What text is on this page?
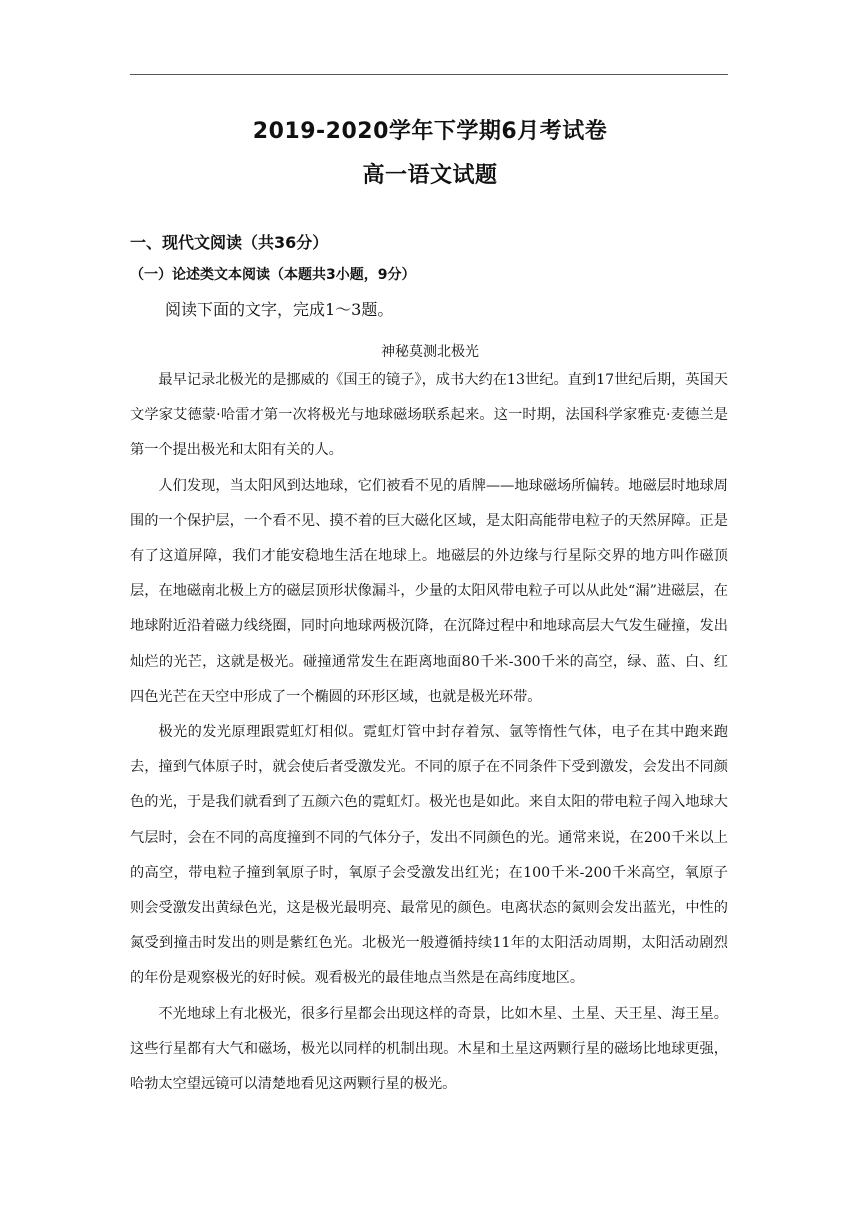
2019-2020学年下学期6月考试卷
高一语文试题
一、现代文阅读（共36分）
（一）论述类文本阅读（本题共3小题，9分）
阅读下面的文字，完成1～3题。
神秘莫测北极光

最早记录北极光的是挪威的《国王的镜子》，成书大约在13世纪。直到17世纪后期，英国天文学家艾德蒙·哈雷才第一次将极光与地球磁场联系起来。这一时期，法国科学家雅克·麦德兰是第一个提出极光和太阳有关的人。

人们发现，当太阳风到达地球，它们被看不见的盾牌——地球磁场所偏转。地磁层时地球周围的一个保护层，一个看不见、摸不着的巨大磁化区域，是太阳高能带电粒子的天然屏障。正是有了这道屏障，我们才能安稳地生活在地球上。地磁层的外边缘与行星际交界的地方叫作磁顶层，在地磁南北极上方的磁层顶形状像漏斗，少量的太阳风带电粒子可以从此处“漏”进磁层，在地球附近沿着磁力线绕圈，同时向地球两极沉降，在沉降过程中和地球高层大气发生碰撞，发出灿烂的光芒，这就是极光。碰撞通常发生在距离地面80千米-300千米的高空，绿、蓝、白、红四色光芒在天空中形成了一个椭圆的环形区域，也就是极光环带。

极光的发光原理跟霓虹灯相似。霓虹灯管中封存着氖、氩等惰性气体，电子在其中跑来跑去，撞到气体原子时，就会使后者受激发光。不同的原子在不同条件下受到激发，会发出不同颜色的光，于是我们就看到了五颜六色的霓虹灯。极光也是如此。来自太阳的带电粒子闯入地球大气层时，会在不同的高度撞到不同的气体分子，发出不同颜色的光。通常来说，在200千米以上的高空，带电粒子撞到氧原子时，氧原子会受激发出红光；在100千米-200千米高空，氧原子则会受激发出黄绿色光，这是极光最明亮、最常见的颜色。电离状态的氮则会发出蓝光，中性的氮受到撞击时发出的则是紫红色光。北极光一般遵循持续11年的太阳活动周期，太阳活动剧烈的年份是观察极光的好时候。观看极光的最佳地点当然是在高纬度地区。

不光地球上有北极光，很多行星都会出现这样的奇景，比如木星、土星、天王星、海王星。这些行星都有大气和磁场，极光以同样的机制出现。木星和土星这两颗行星的磁场比地球更强，哈勃太空望远镜可以清楚地看见这两颗行星的极光。
